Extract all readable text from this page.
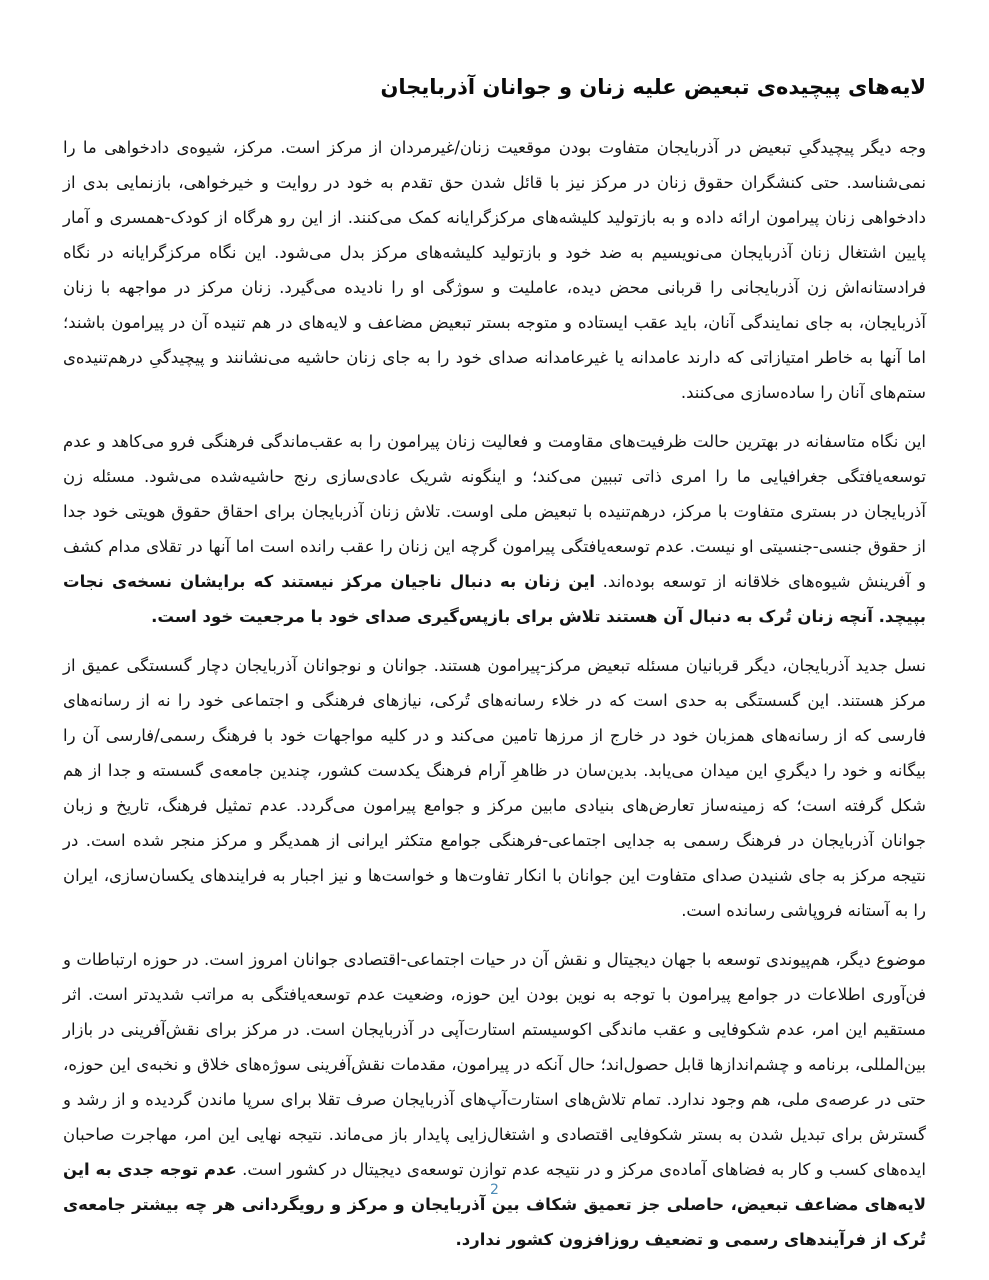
لایه‌های پیچیده‌ی تبعیض علیه زنان و جوانان آذربایجان

وجه دیگر پیچیدگیِ تبعیض در آذربایجان متفاوت بودن موقعیت زنان/غیرمردان از مرکز است. مرکز، شیوه‌ی دادخواهی ما را نمی‌شناسد. حتی کنشگران حقوق زنان در مرکز نیز با قائل شدن حق تقدم به خود در روایت و خیرخواهی، بازنمایی بدی از دادخواهی زنان پیرامون ارائه داده و به بازتولید کلیشه‌های مرکزگرایانه کمک می‌کنند. از این رو هرگاه از کودک-همسری و آمار پایین اشتغال زنان آذربایجان می‌نویسیم به ضد خود و بازتولید کلیشه‌های مرکز بدل می‌شود. این نگاه مرکزگرایانه در نگاه فرادستانه‌اش زن آذربایجانی را قربانی محض دیده، عاملیت و سوژگی او را نادیده می‌گیرد. زنان مرکز در مواجهه با زنان آذربایجان، به جای نمایندگی آنان، باید عقب ایستاده و متوجه بستر تبعیض مضاعف و لایه‌های در هم تنیده آن در پیرامون باشند؛ اما آنها به خاطر امتیازاتی که دارند عامدانه یا غیرعامدانه صدای خود را به جای زنان حاشیه می‌نشانند و پیچیدگیِ درهم‌تنیده‌ی ستم‌های آنان را ساده‌سازی می‌کنند.

این نگاه متاسفانه در بهترین حالت ظرفیت‌های مقاومت و فعالیت زنان پیرامون را به عقب‌ماندگی فرهنگی فرو می‌کاهد و عدم توسعه‌یافتگی جغرافیایی ما را امری ذاتی تببین می‌کند؛ و اینگونه شریک عادی‌سازی رنج حاشیه‌شده می‌شود. مسئله زن آذربایجان در بستری متفاوت با مرکز، درهم‌تنیده با تبعیض ملی اوست. تلاش زنان آذربایجان برای احقاق حقوق هویتی خود جدا از حقوق جنسی-جنسیتی او نیست. عدم توسعه‌یافتگی پیرامون گرچه این زنان را عقب رانده است اما آنها در تقلای مدام کشف و آفرینش شیوه‌های خلاقانه از توسعه بوده‌اند. این زنان به دنبال ناجیان مرکز نیستند که برایشان نسخه‌ی نجات بپیچد. آنچه زنان تُرک به دنبال آن هستند تلاش برای بازپس‌گیری صدای خود با مرجعیت خود است.

نسل جدید آذربایجان، دیگر قربانیان مسئله تبعیض مرکز-پیرامون هستند. جوانان و نوجوانان آذربایجان دچار گسستگی عمیق از مرکز هستند. این گسستگی به حدی است که در خلاء رسانه‌های تُرکی، نیازهای فرهنگی و اجتماعی خود را نه از رسانه‌های فارسی که از رسانه‌های همزبان خود در خارج از مرزها تامین می‌کند و در کلیه مواجهات خود با فرهنگ رسمی/فارسی آن را بیگانه و خود را دیگریِ این میدان می‌یابد. بدین‌سان در ظاهرِ آرام فرهنگ یکدست کشور، چندین جامعه‌ی گسسته و جدا از هم شکل گرفته است؛ که زمینه‌ساز تعارض‌های بنیادی مابین مرکز و جوامع پیرامون می‌گردد. عدم تمثیل فرهنگ، تاریخ و زبان جوانان آذربایجان در فرهنگ رسمی به جدایی اجتماعی-فرهنگی جوامع متکثر ایرانی از همدیگر و مرکز منجر شده است. در نتیجه مرکز به جای شنیدن صدای متفاوت این جوانان با انکار تفاوت‌ها و خواست‌ها و نیز اجبار به فرایندهای یکسان‌سازی، ایران را به آستانه فروپاشی رسانده است.

موضوع دیگر، هم‌پیوندی توسعه با جهان دیجیتال و نقش آن در حیات اجتماعی-اقتصادی جوانان امروز است. در حوزه ارتباطات و فن‌آوری اطلاعات در جوامع پیرامون با توجه به نوین بودن این حوزه، وضعیت عدم توسعه‌یافتگی به مراتب شدیدتر است. اثر مستقیم این امر، عدم شکوفایی و عقب ماندگی اکوسیستم استارت‌آپی در آذربایجان است. در مرکز برای نقش‌آفرینی در بازار بین‌المللی، برنامه و چشم‌اندازها قابل حصول‌اند؛ حال آنکه در پیرامون، مقدمات نقش‌آفرینی سوژه‌های خلاق و نخبه‌ی این حوزه، حتی در عرصه‌ی ملی، هم وجود ندارد. تمام تلاش‌های استارت‌آپ‌های آذربایجان صرف تقلا برای سرپا ماندن گردیده و از رشد و گسترش برای تبدیل شدن به بستر شکوفایی اقتصادی و اشتغال‌زایی پایدار باز می‌ماند. نتیجه نهایی این امر، مهاجرت صاحبان ایده‌های کسب و کار به فضاهای آماده‌ی مرکز و در نتیجه عدم توازن توسعه‌ی دیجیتال در کشور است. عدم توجه جدی به این لایه‌های مضاعف تبعیض، حاصلی جز تعمیق شکاف بین آذربایجان و مرکز و رویگردانی هر چه بیشتر جامعه‌ی تُرک از فرآیندهای رسمی و تضعیف روزافزون کشور ندارد.

2
